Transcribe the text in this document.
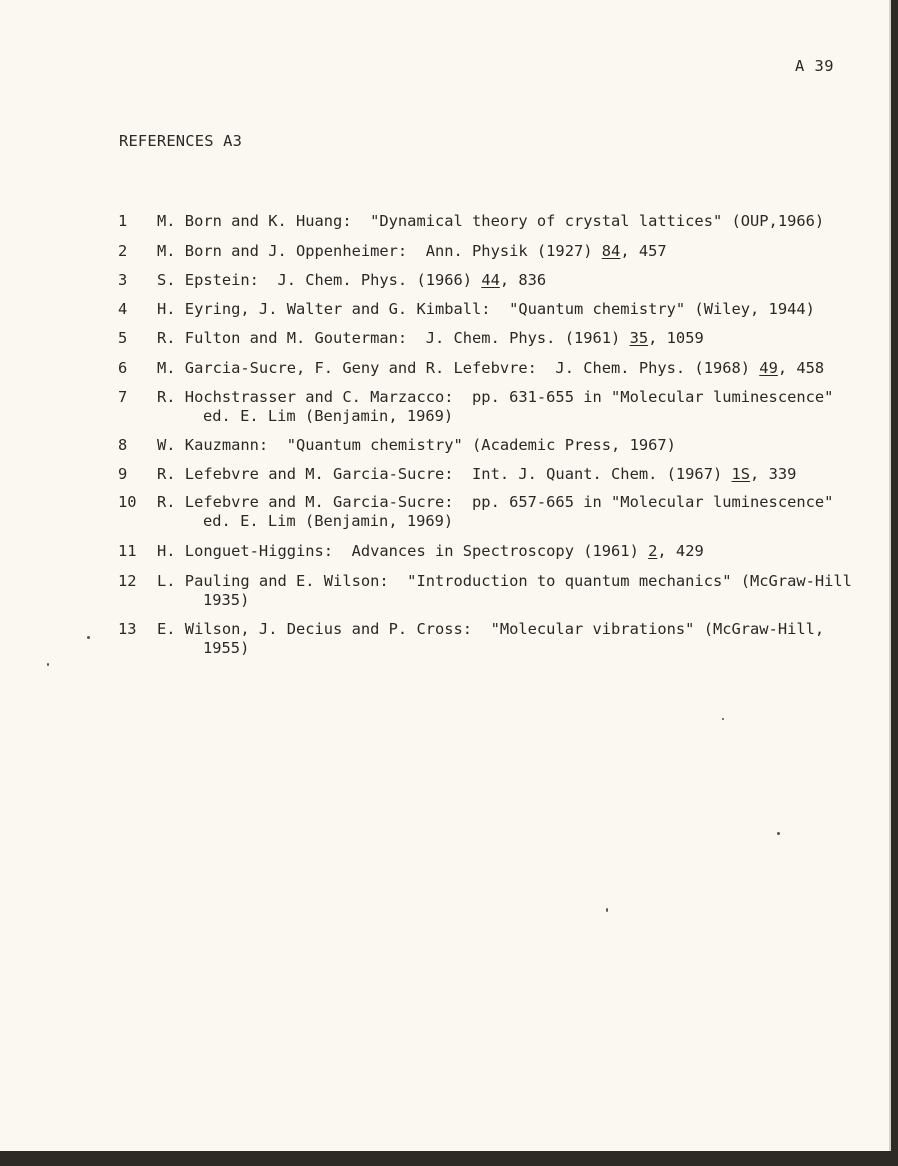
A 39
REFERENCES A3
1	M. Born and K. Huang:  "Dynamical theory of crystal lattices" (OUP,1966)
2	M. Born and J. Oppenheimer:  Ann. Physik (1927) 84, 457
3	S. Epstein:  J. Chem. Phys. (1966) 44, 836
4	H. Eyring, J. Walter and G. Kimball:  "Quantum chemistry" (Wiley, 1944)
5	R. Fulton and M. Gouterman:  J. Chem. Phys. (1961) 35, 1059
6	M. Garcia-Sucre, F. Geny and R. Lefebvre:  J. Chem. Phys. (1968) 49, 458
7	R. Hochstrasser and C. Marzacco:  pp. 631-655 in "Molecular luminescence"
ed. E. Lim (Benjamin, 1969)
8	W. Kauzmann:  "Quantum chemistry" (Academic Press, 1967)
9	R. Lefebvre and M. Garcia-Sucre:  Int. J. Quant. Chem. (1967) 1S, 339
10	R. Lefebvre and M. Garcia-Sucre:  pp. 657-665 in "Molecular luminescence"
ed. E. Lim (Benjamin, 1969)
11	H. Longuet-Higgins:  Advances in Spectroscopy (1961) 2, 429
12	L. Pauling and E. Wilson:  "Introduction to quantum mechanics" (McGraw-Hill
1935)
13	E. Wilson, J. Decius and P. Cross:  "Molecular vibrations" (McGraw-Hill,
1955)
